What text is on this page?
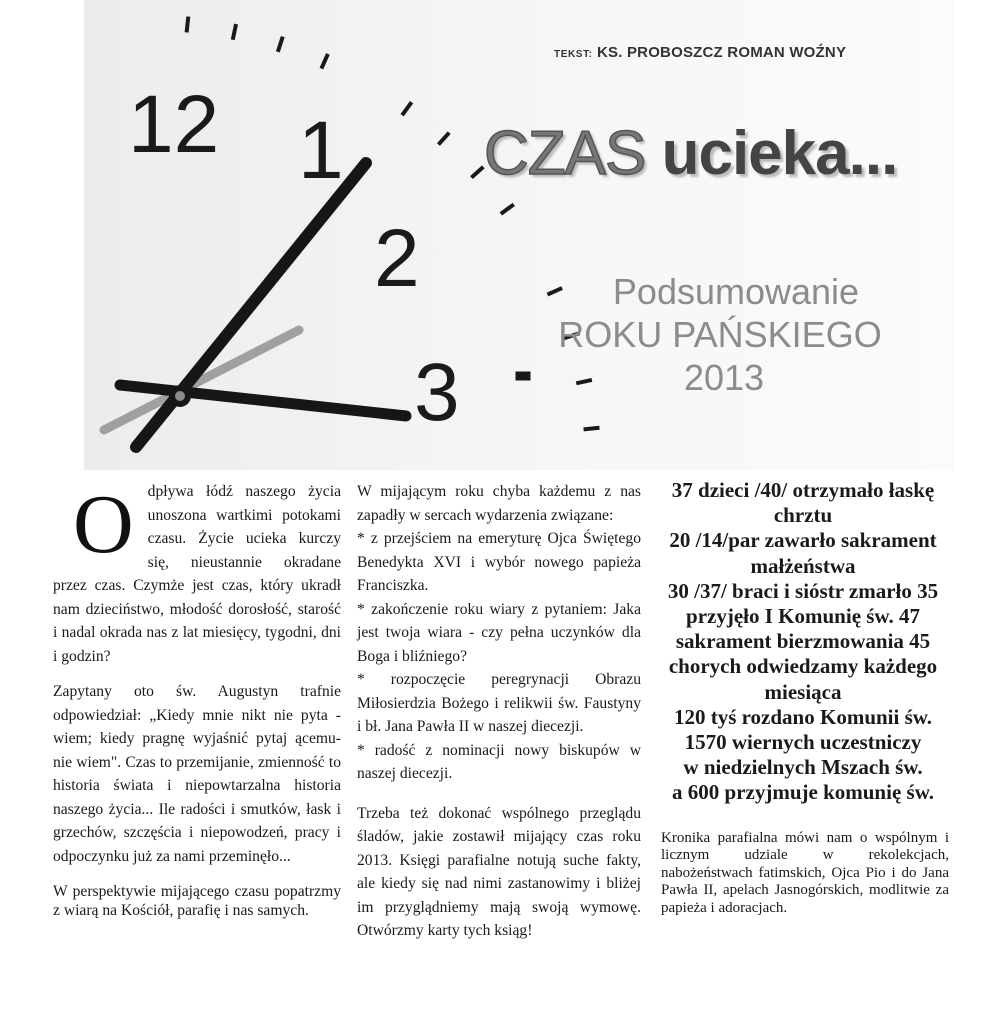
12 1
2
3
TEKST: KS. PROBOSZCZ ROMAN WOŹNY
CZAS ucieka...
Podsumowanie
ROKU PAŃSKIEGO
2013

Odpływa łódź naszego życia unoszona wartkimi potokami czasu. Życie ucieka kurczy się, nieustannie okradane przez czas. Czymże jest czas, który ukradł nam dzieciństwo, młodość dorosłość, starość i nadal okrada nas z lat miesięcy, tygodni, dni i godzin?

Zapytany oto św. Augustyn trafnie odpowiedział: „Kiedy mnie nikt nie pyta - wiem; kiedy pragnę wyjaśnić pytaj ącemu- nie wiem". Czas to przemijanie, zmienność to historia świata i niepowtarzalna historia naszego życia... Ile radości i smutków, łask i grzechów, szczęścia i niepowodzeń, pracy i odpoczynku już za nami przeminęło...

W perspektywie mijającego czasu popatrzmy z wiarą na Kościół, parafię i nas samych.

W mijającym roku chyba każdemu z nas zapadły w sercach wydarzenia związane:

* z przejściem na emeryturę Ojca Świętego Benedykta XVI i wybór nowego papieża Franciszka.

* zakończenie roku wiary z pytaniem: Jaka jest twoja wiara - czy pełna uczynków dla Boga i bliźniego?

* rozpoczęcie peregrynacji Obrazu Miłosierdzia Bożego i relikwii św. Faustyny i bł. Jana Pawła II w naszej diecezji.

* radość z nominacji nowy biskupów w naszej diecezji.

Trzeba też dokonać wspólnego przeglądu śladów, jakie zostawił mijający czas roku 2013. Księgi parafialne notują suche fakty, ale kiedy się nad nimi zastanowimy i bliżej im przyglądniemy mają swoją wymowę. Otwórzmy karty tych ksiąg!

37 dzieci /40/ otrzymało łaskę
chrztu
20 /14/par zawarło sakrament
małżeństwa
30 /37/ braci i sióstr zmarło 35
przyjęło I Komunię św. 47
sakrament bierzmowania 45
chorych odwiedzamy każdego
miesiąca
120 tyś rozdano Komunii św.
1570 wiernych uczestniczy
w niedzielnych Mszach św.
a 600 przyjmuje komunię św.

Kronika parafialna mówi nam o wspólnym i licznym udziale w rekolekcjach, nabożeństwach fatimskich, Ojca Pio i do Jana Pawła II, apelach Jasnogórskich, modlitwie za papieża i adoracjach.
